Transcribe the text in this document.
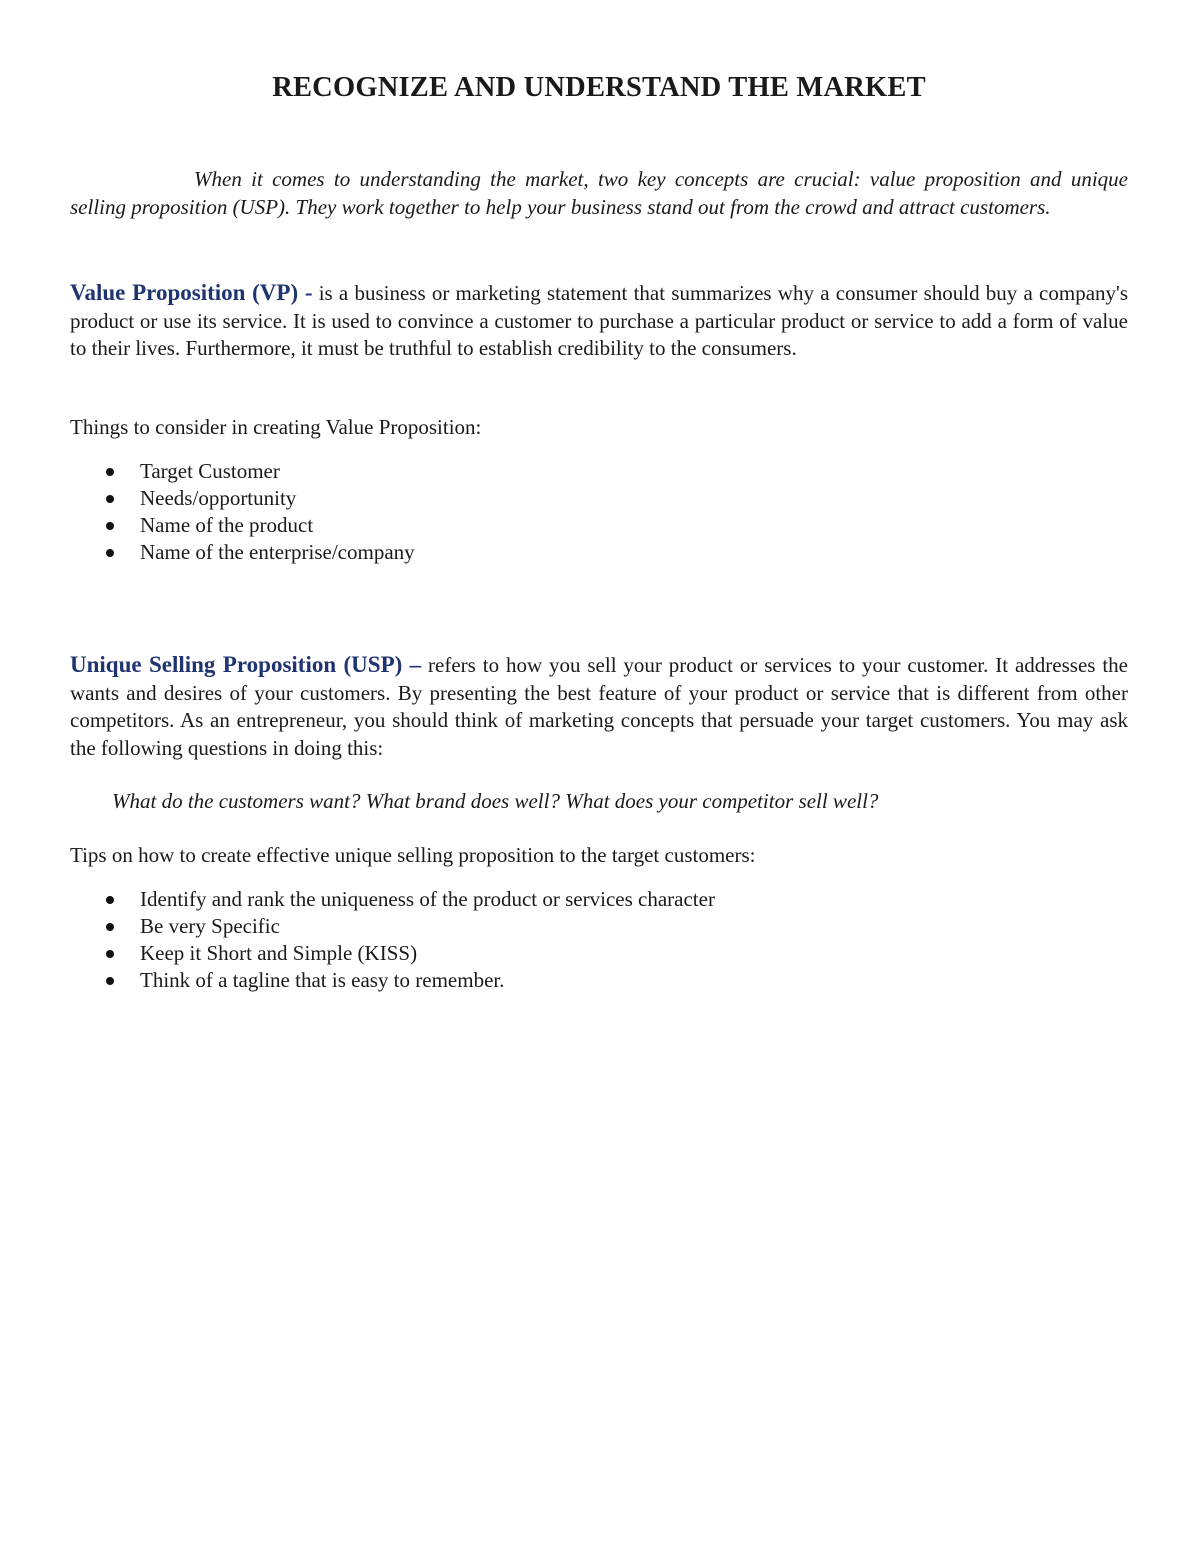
RECOGNIZE AND UNDERSTAND THE MARKET

When it comes to understanding the market, two key concepts are crucial: value proposition and unique selling proposition (USP). They work together to help your business stand out from the crowd and attract customers.

Value Proposition (VP) - is a business or marketing statement that summarizes why a consumer should buy a company's product or use its service. It is used to convince a customer to purchase a particular product or service to add a form of value to their lives. Furthermore, it must be truthful to establish credibility to the consumers.

Things to consider in creating Value Proposition:

Target Customer
Needs/opportunity
Name of the product
Name of the enterprise/company

Unique Selling Proposition (USP) – refers to how you sell your product or services to your customer. It addresses the wants and desires of your customers. By presenting the best feature of your product or service that is different from other competitors. As an entrepreneur, you should think of marketing concepts that persuade your target customers. You may ask the following questions in doing this:

What do the customers want? What brand does well? What does your competitor sell well?

Tips on how to create effective unique selling proposition to the target customers:

Identify and rank the uniqueness of the product or services character
Be very Specific
Keep it Short and Simple (KISS)
Think of a tagline that is easy to remember.
